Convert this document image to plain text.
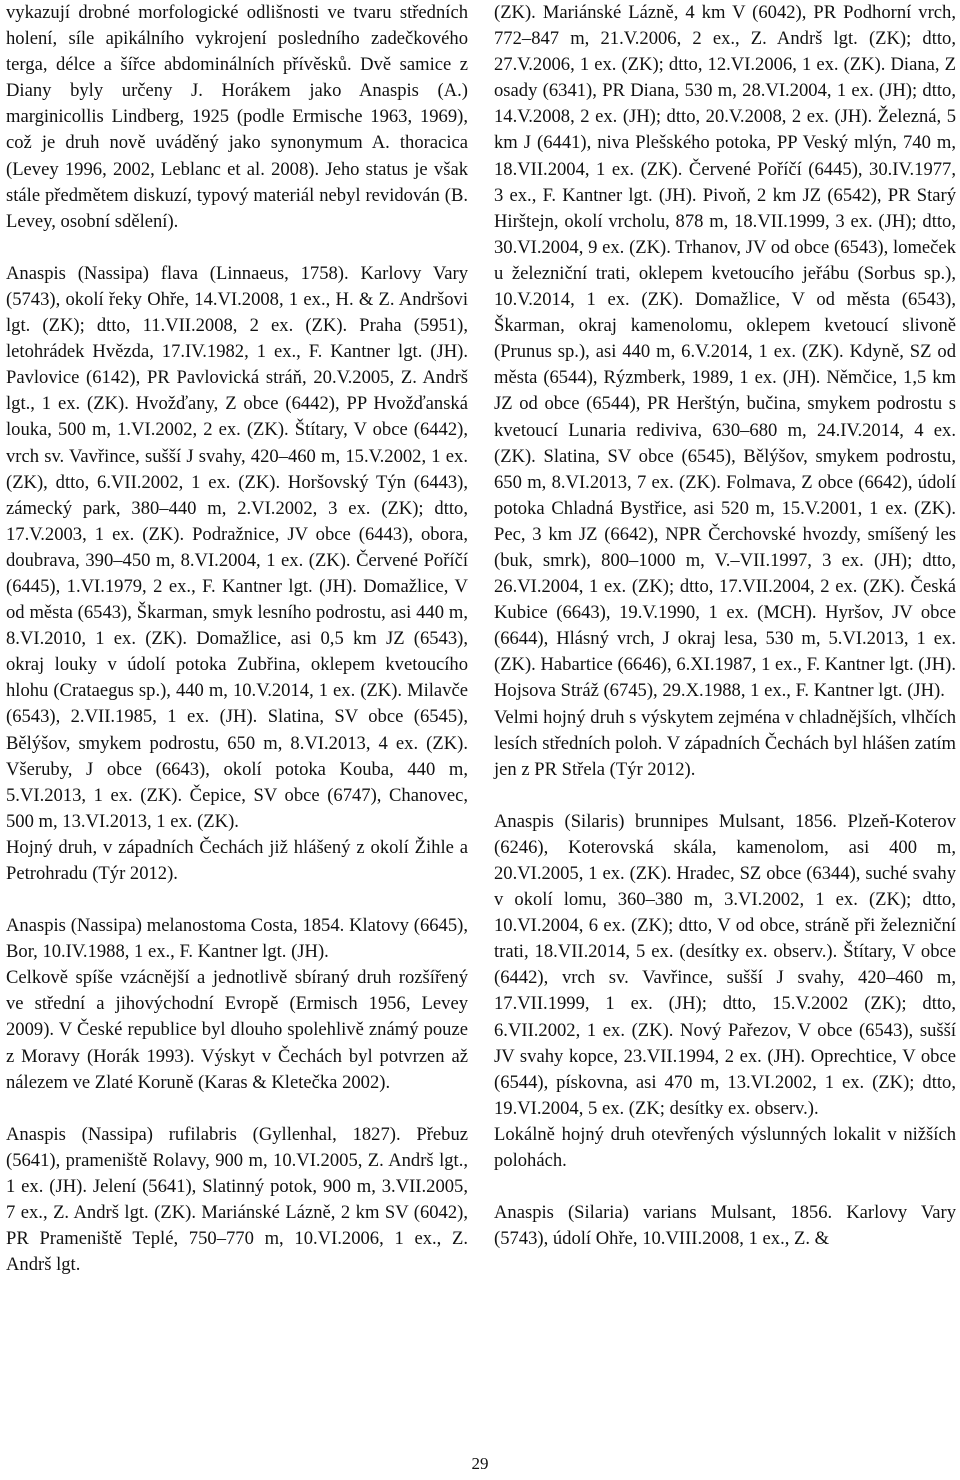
vykazují drobné morfologické odlišnosti ve tvaru středních holení, síle apikálního vykrojení posledního zadečkového terga, délce a šířce abdominálních přívěsků. Dvě samice z Diany byly určeny J. Horákem jako Anaspis (A.) marginicollis Lindberg, 1925 (podle Ermische 1963, 1969), což je druh nově uváděný jako synonymum A. thoracica (Levey 1996, 2002, Leblanc et al. 2008). Jeho status je však stále předmětem diskuzí, typový materiál nebyl revidován (B. Levey, osobní sdělení).

Anaspis (Nassipa) flava (Linnaeus, 1758). Karlovy Vary (5743), okolí řeky Ohře, 14.VI.2008, 1 ex., H. & Z. Andršovi lgt. (ZK); dtto, 11.VII.2008, 2 ex. (ZK). Praha (5951), letohrádek Hvězda, 17.IV.1982, 1 ex., F. Kantner lgt. (JH). Pavlovice (6142), PR Pavlovická stráň, 20.V.2005, Z. Andrš lgt., 1 ex. (ZK). Hvožďany, Z obce (6442), PP Hvožďanská louka, 500 m, 1.VI.2002, 2 ex. (ZK). Štítary, V obce (6442), vrch sv. Vavřince, sušší J svahy, 420–460 m, 15.V.2002, 1 ex. (ZK), dtto, 6.VII.2002, 1 ex. (ZK). Horšovský Týn (6443), zámecký park, 380–440 m, 2.VI.2002, 3 ex. (ZK); dtto, 17.V.2003, 1 ex. (ZK). Podražnice, JV obce (6443), obora, doubrava, 390–450 m, 8.VI.2004, 1 ex. (ZK). Červené Poříčí (6445), 1.VI.1979, 2 ex., F. Kantner lgt. (JH). Domažlice, V od města (6543), Škarman, smyk lesního podrostu, asi 440 m, 8.VI.2010, 1 ex. (ZK). Domažlice, asi 0,5 km JZ (6543), okraj louky v údolí potoka Zubřina, oklepem kvetoucího hlohu (Crataegus sp.), 440 m, 10.V.2014, 1 ex. (ZK). Milavče (6543), 2.VII.1985, 1 ex. (JH). Slatina, SV obce (6545), Bělýšov, smykem podrostu, 650 m, 8.VI.2013, 4 ex. (ZK). Všeruby, J obce (6643), okolí potoka Kouba, 440 m, 5.VI.2013, 1 ex. (ZK). Čepice, SV obce (6747), Chanovec, 500 m, 13.VI.2013, 1 ex. (ZK).

Hojný druh, v západních Čechách již hlášený z okolí Žihle a Petrohradu (Týr 2012).

Anaspis (Nassipa) melanostoma Costa, 1854. Klatovy (6645), Bor, 10.IV.1988, 1 ex., F. Kantner lgt. (JH).

Celkově spíše vzácnější a jednotlivě sbíraný druh rozšířený ve střední a jihovýchodní Evropě (Ermisch 1956, Levey 2009). V České republice byl dlouho spolehlivě známý pouze z Moravy (Horák 1993). Výskyt v Čechách byl potvrzen až nálezem ve Zlaté Koruně (Karas & Kletečka 2002).

Anaspis (Nassipa) rufilabris (Gyllenhal, 1827). Přebuz (5641), prameniště Rolavy, 900 m, 10.VI.2005, Z. Andrš lgt., 1 ex. (JH). Jelení (5641), Slatinný potok, 900 m, 3.VII.2005, 7 ex., Z. Andrš lgt. (ZK). Mariánské Lázně, 2 km SV (6042), PR Prameniště Teplé, 750–770 m, 10.VI.2006, 1 ex., Z. Andrš lgt.

(ZK). Mariánské Lázně, 4 km V (6042), PR Podhorní vrch, 772–847 m, 21.V.2006, 2 ex., Z. Andrš lgt. (ZK); dtto, 27.V.2006, 1 ex. (ZK); dtto, 12.VI.2006, 1 ex. (ZK). Diana, Z osady (6341), PR Diana, 530 m, 28.VI.2004, 1 ex. (JH); dtto, 14.V.2008, 2 ex. (JH); dtto, 20.V.2008, 2 ex. (JH). Železná, 5 km J (6441), niva Plešského potoka, PP Veský mlýn, 740 m, 18.VII.2004, 1 ex. (ZK). Červené Poříčí (6445), 30.IV.1977, 3 ex., F. Kantner lgt. (JH). Pivoň, 2 km JZ (6542), PR Starý Hirštejn, okolí vrcholu, 878 m, 18.VII.1999, 3 ex. (JH); dtto, 30.VI.2004, 9 ex. (ZK). Trhanov, JV od obce (6543), lomeček u železniční trati, oklepem kvetoucího jeřábu (Sorbus sp.), 10.V.2014, 1 ex. (ZK). Domažlice, V od města (6543), Škarman, okraj kamenolomu, oklepem kvetoucí slivoně (Prunus sp.), asi 440 m, 6.V.2014, 1 ex. (ZK). Kdyně, SZ od města (6544), Rýzmberk, 1989, 1 ex. (JH). Němčice, 1,5 km JZ od obce (6544), PR Herštýn, bučina, smykem podrostu s kvetoucí Lunaria rediviva, 630–680 m, 24.IV.2014, 4 ex. (ZK). Slatina, SV obce (6545), Bělýšov, smykem podrostu, 650 m, 8.VI.2013, 7 ex. (ZK). Folmava, Z obce (6642), údolí potoka Chladná Bystřice, asi 520 m, 15.V.2001, 1 ex. (ZK). Pec, 3 km JZ (6642), NPR Čerchovské hvozdy, smíšený les (buk, smrk), 800–1000 m, V.–VII.1997, 3 ex. (JH); dtto, 26.VI.2004, 1 ex. (ZK); dtto, 17.VII.2004, 2 ex. (ZK). Česká Kubice (6643), 19.V.1990, 1 ex. (MCH). Hyršov, JV obce (6644), Hlásný vrch, J okraj lesa, 530 m, 5.VI.2013, 1 ex. (ZK). Habartice (6646), 6.XI.1987, 1 ex., F. Kantner lgt. (JH). Hojsova Stráž (6745), 29.X.1988, 1 ex., F. Kantner lgt. (JH).

Velmi hojný druh s výskytem zejména v chladnějších, vlhčích lesích středních poloh. V západních Čechách byl hlášen zatím jen z PR Střela (Týr 2012).

Anaspis (Silaris) brunnipes Mulsant, 1856. Plzeň-Koterov (6246), Koterovská skála, kamenolom, asi 400 m, 20.VI.2005, 1 ex. (ZK). Hradec, SZ obce (6344), suché svahy v okolí lomu, 360–380 m, 3.VI.2002, 1 ex. (ZK); dtto, 10.VI.2004, 6 ex. (ZK); dtto, V od obce, stráně při železniční trati, 18.VII.2014, 5 ex. (desítky ex. observ.). Štítary, V obce (6442), vrch sv. Vavřince, sušší J svahy, 420–460 m, 17.VII.1999, 1 ex. (JH); dtto, 15.V.2002 (ZK); dtto, 6.VII.2002, 1 ex. (ZK). Nový Pařezov, V obce (6543), sušší JV svahy kopce, 23.VII.1994, 2 ex. (JH). Oprechtice, V obce (6544), pískovna, asi 470 m, 13.VI.2002, 1 ex. (ZK); dtto, 19.VI.2004, 5 ex. (ZK; desítky ex. observ.).

Lokálně hojný druh otevřených výslunných lokalit v nižších polohách.

Anaspis (Silaria) varians Mulsant, 1856. Karlovy Vary (5743), údolí Ohře, 10.VIII.2008, 1 ex., Z. &

29
